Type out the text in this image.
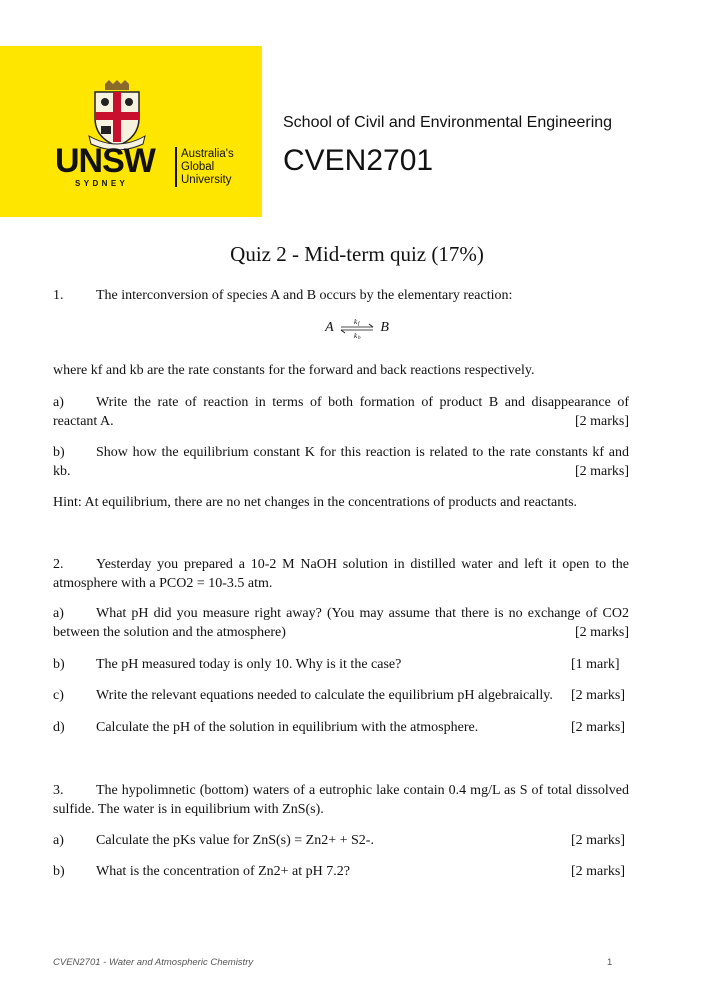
UNSW
SYDNEY
Australia's
Global
University
School of Civil and Environmental Engineering
CVEN2701
Quiz 2 - Mid-term quiz (17%)
1. The interconversion of species A and B occurs by the elementary reaction:
A	k f
k b
B
where kf and kb are the rate constants for the forward and back reactions respectively.
a) Write the rate of reaction in terms of both formation of product B and disappearance of reactant A.	[2 marks]
b) Show how the equilibrium constant K for this reaction is related to the rate constants kf and kb.	[2 marks]
Hint: At equilibrium, there are no net changes in the concentrations of products and reactants.
2. Yesterday you prepared a 10-2 M NaOH solution in distilled water and left it open to the atmosphere with a PCO2 = 10-3.5 atm.
a) What pH did you measure right away? (You may assume that there is no exchange of CO2 between the solution and the atmosphere)	[2 marks]
b) The pH measured today is only 10. Why is it the case?	[1 mark]
c) Write the relevant equations needed to calculate the equilibrium pH algebraically. [2 marks]
d) Calculate the pH of the solution in equilibrium with the atmosphere.	[2 marks]
3. The hypolimnetic (bottom) waters of a eutrophic lake contain 0.4 mg/L as S of total dissolved sulfide. The water is in equilibrium with ZnS(s).
a) Calculate the pKs value for ZnS(s) = Zn2+ + S2-.	[2 marks]
b) What is the concentration of Zn2+ at pH 7.2?	[2 marks]
CVEN2701 - Water and Atmospheric Chemistry	1
